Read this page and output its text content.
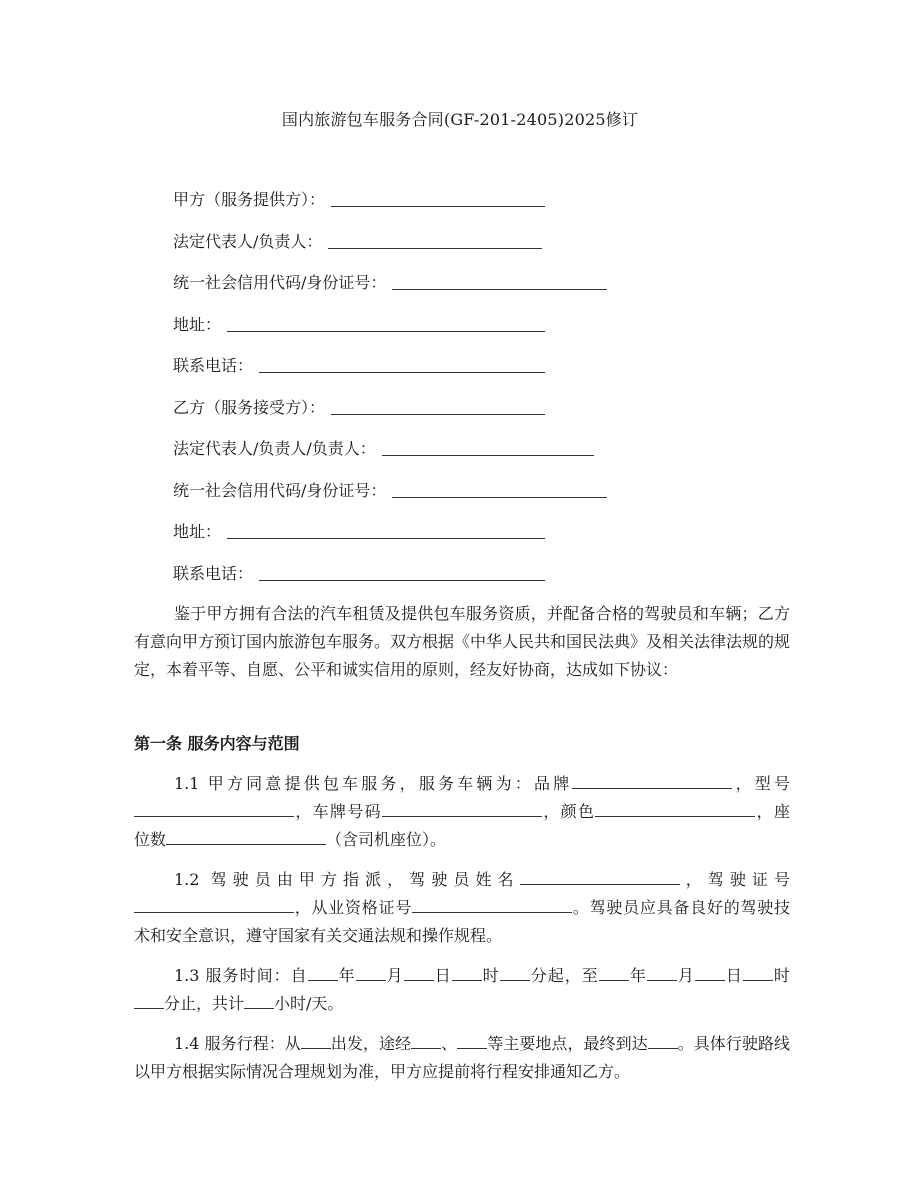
国内旅游包车服务合同(GF-201-2405)2025修订
甲方（服务提供方）：
法定代表人/负责人：
统一社会信用代码/身份证号：
地址：
联系电话：
乙方（服务接受方）：
法定代表人/负责人/负责人：
统一社会信用代码/身份证号：
地址：
联系电话：

鉴于甲方拥有合法的汽车租赁及提供包车服务资质，并配备合格的驾驶员和车辆；乙方有意向甲方预订国内旅游包车服务。双方根据《中华人民共和国民法典》及相关法律法规的规定，本着平等、自愿、公平和诚实信用的原则，经友好协商，达成如下协议：

第一条 服务内容与范围

1.1 甲方同意提供包车服务，服务车辆为：品牌	，型号，车牌号码	，颜色	，座位数	（含司机座位）。

1.2 驾驶员由甲方指派，驾驶员姓名	，驾驶证号，从业资格证号	。驾驶员应具备良好的驾驶技术和安全意识，遵守国家有关交通法规和操作规程。

1.3 服务时间：自 年 月 日 时 分起，至 年 月 日 时分止，共计 小时/天。

1.4 服务行程：从 出发，途经 、 等主要地点，最终到达 。具体行驶路线以甲方根据实际情况合理规划为准，甲方应提前将行程安排通知乙方。
